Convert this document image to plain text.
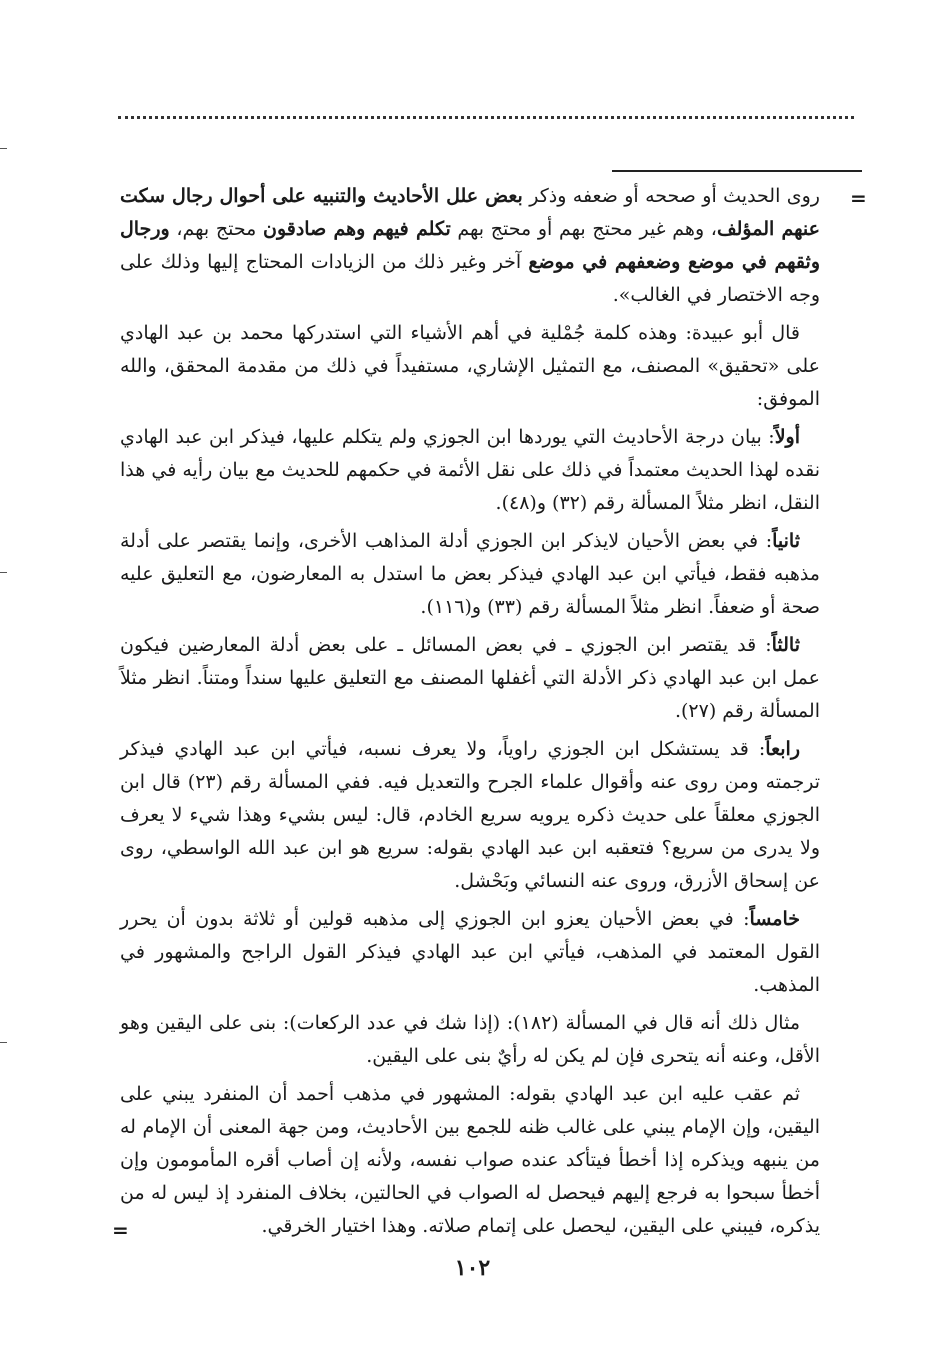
=
=
روى الحديث أو صححه أو ضعفه وذكر بعض علل الأحاديث والتنبيه على أحوال رجال سكت عنهم المؤلف، وهم غير محتج بهم أو محتج بهم تكلم فيهم وهم صادقون محتج بهم، ورجال وثقهم في موضع وضعفهم في موضع آخر وغير ذلك من الزيادات المحتاج إليها وذلك على وجه الاختصار في الغالب».
قال أبو عبيدة: وهذه كلمة جُمْلية في أهم الأشياء التي استدركها محمد بن عبد الهادي على «تحقيق» المصنف، مع التمثيل الإشاري، مستفيداً في ذلك من مقدمة المحقق، والله الموفق:
أولاً: بيان درجة الأحاديث التي يوردها ابن الجوزي ولم يتكلم عليها، فيذكر ابن عبد الهادي نقده لهذا الحديث معتمداً في ذلك على نقل الأئمة في حكمهم للحديث مع بيان رأيه في هذا النقل، انظر مثلاً المسألة رقم (٣٢) و(٤٨).
ثانياً: في بعض الأحيان لايذكر ابن الجوزي أدلة المذاهب الأخرى، وإنما يقتصر على أدلة مذهبه فقط، فيأتي ابن عبد الهادي فيذكر بعض ما استدل به المعارضون، مع التعليق عليه صحة أو ضعفاً. انظر مثلاً المسألة رقم (٣٣) و(١١٦).
ثالثاً: قد يقتصر ابن الجوزي ـ في بعض المسائل ـ على بعض أدلة المعارضين فيكون عمل ابن عبد الهادي ذكر الأدلة التي أغفلها المصنف مع التعليق عليها سنداً ومتناً. انظر مثلاً المسألة رقم (٢٧).
رابعاً: قد يستشكل ابن الجوزي راوياً، ولا يعرف نسبه، فيأتي ابن عبد الهادي فيذكر ترجمته ومن روى عنه وأقوال علماء الجرح والتعديل فيه. ففي المسألة رقم (٢٣) قال ابن الجوزي معلقاً على حديث ذكره يرويه سريع الخادم، قال: ليس بشيء وهذا شيء لا يعرف ولا يدرى من سريع؟ فتعقبه ابن عبد الهادي بقوله: سريع هو ابن عبد الله الواسطي، روى عن إسحاق الأزرق، وروى عنه النسائي وبَحْشل.
خامساً: في بعض الأحيان يعزو ابن الجوزي إلى مذهبه قولين أو ثلاثة بدون أن يحرر القول المعتمد في المذهب، فيأتي ابن عبد الهادي فيذكر القول الراجح والمشهور في المذهب.
مثال ذلك أنه قال في المسألة (١٨٢): (إذا شك في عدد الركعات): بنى على اليقين وهو الأقل، وعنه أنه يتحرى فإن لم يكن له رأيٌ بنى على اليقين.
ثم عقب عليه ابن عبد الهادي بقوله: المشهور في مذهب أحمد أن المنفرد يبني على اليقين، وإن الإمام يبني على غالب ظنه للجمع بين الأحاديث، ومن جهة المعنى أن الإمام له من ينبهه ويذكره إذا أخطأ فيتأكد عنده صواب نفسه، ولأنه إن أصاب أقره المأمومون وإن أخطأ سبحوا به فرجع إليهم فيحصل له الصواب في الحالتين، بخلاف المنفرد إذ ليس له من يذكره، فيبني على اليقين، ليحصل على إتمام صلاته. وهذا اختيار الخرقي.
١٠٢
